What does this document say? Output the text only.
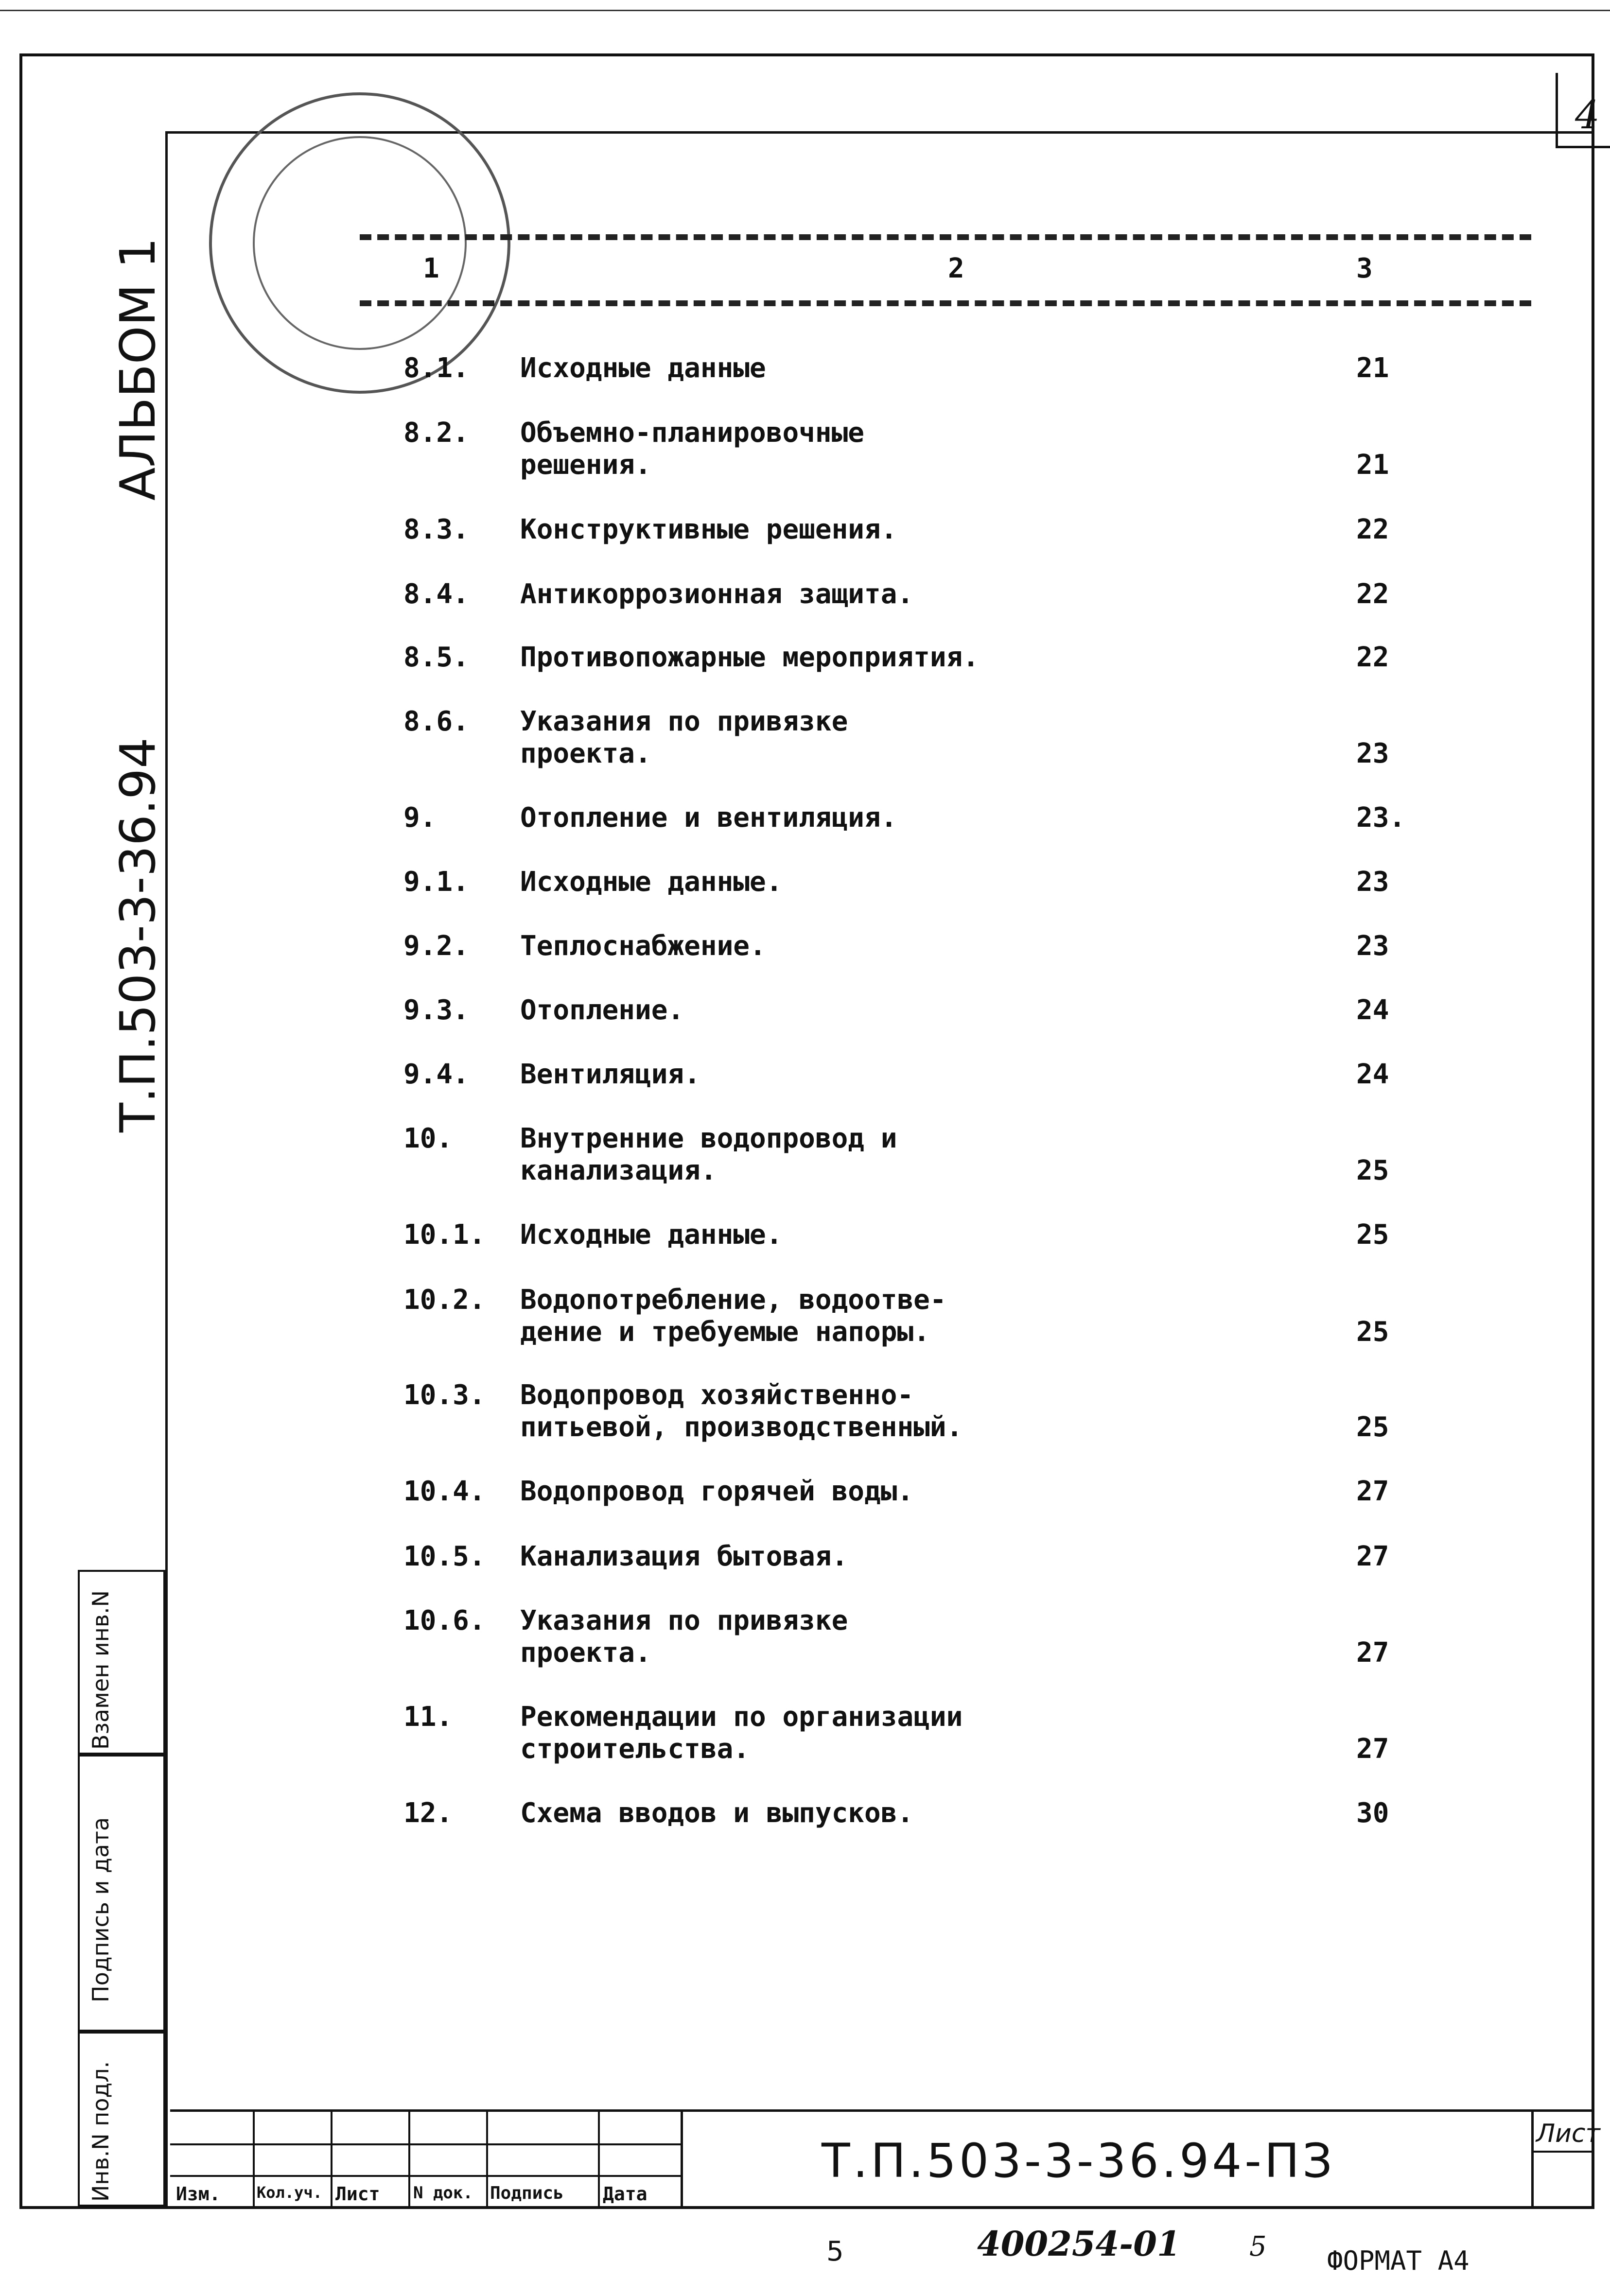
4
АЛЬБОМ 1
Т.П.503-3-36.94
Взамен инв.N
Подпись и дата
Инв.N подл.
1	2	3
8.1.	Исходные данные	21
8.2.	Объемно-планировочные
решения.	21
8.3.	Конструктивные решения.	22
8.4.	Антикоррозионная защита.	22
8.5.	Противопожарные мероприятия.	22
8.6.	Указания по привязке
проекта.	23
9.	Отопление и вентиляция.	23.
9.1.	Исходные данные.	23
9.2.	Теплоснабжение.	23
9.3.	Отопление.	24
9.4.	Вентиляция.	24
10.	Внутренние водопровод и
канализация.	25
10.1.	Исходные данные.	25
10.2.	Водопотребление, водоотве-
дение и требуемые напоры.	25
10.3.	Водопровод хозяйственно-
питьевой, производственный.	25
10.4.	Водопровод горячей воды.	27
10.5.	Канализация бытовая.	27
10.6.	Указания по привязке
проекта.	27
11.	Рекомендации по организации
строительства.	27
12.	Схема вводов и выпусков.	30
Изм. Кол.уч. Лист N док. Подпись Дата
Т.П.503-3-36.94-ПЗ	Лист
5	400254-01	5 ФОРМАТ А4
